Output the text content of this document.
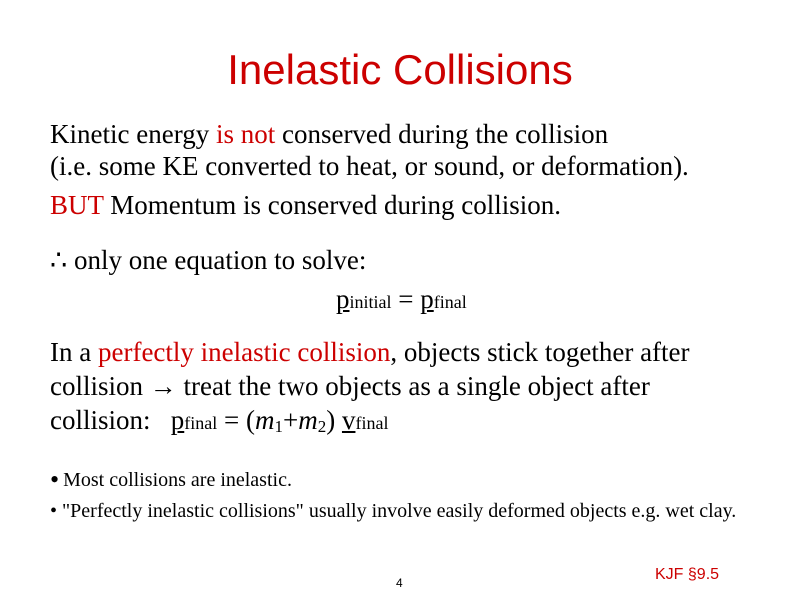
Inelastic Collisions
Kinetic energy is not conserved during the collision
(i.e. some KE converted to heat, or sound, or deformation).
BUT Momentum is conserved during collision.
∴ only one equation to solve:
pinitial = pfinal
In a perfectly inelastic collision, objects stick together after
collision → treat the two objects as a single object after
collision:   pfinal = (m1+m2) vfinal
• Most collisions are inelastic.
• "Perfectly inelastic collisions" usually involve easily deformed objects e.g. wet clay.
4	KJF §9.5
